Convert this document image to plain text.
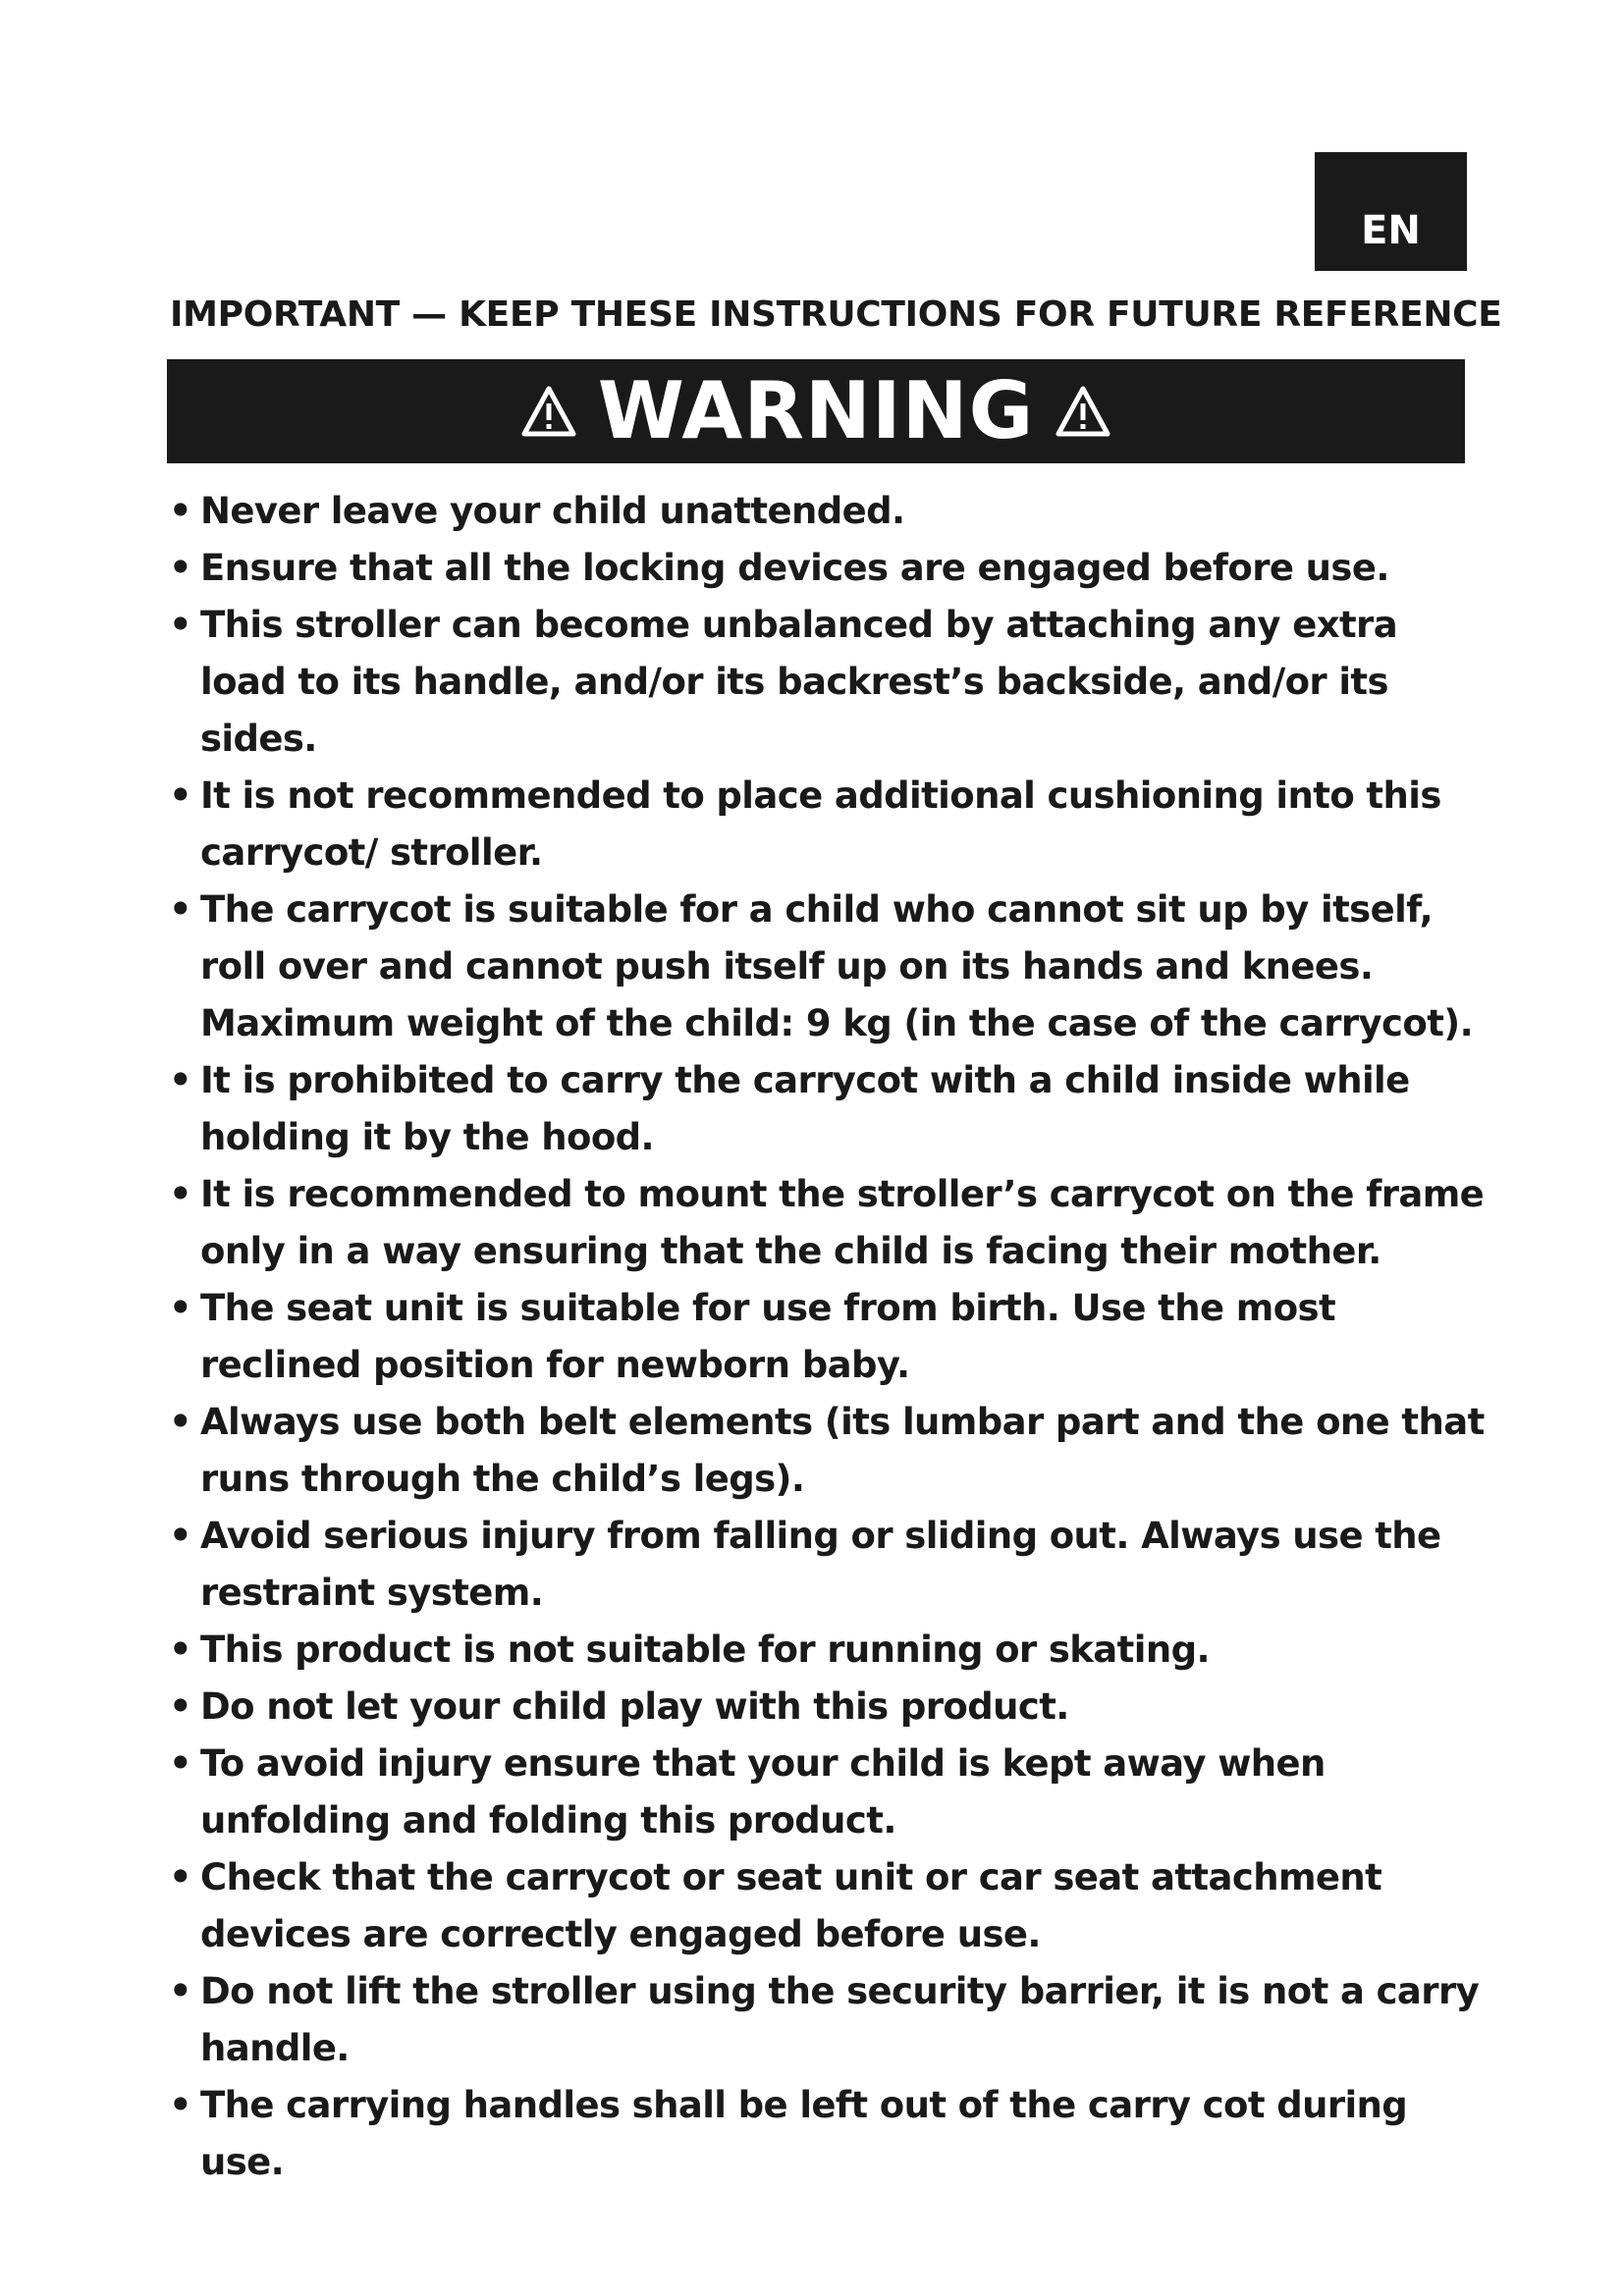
EN
IMPORTANT — KEEP THESE INSTRUCTIONS FOR FUTURE REFERENCE
WARNING
• Never leave your child unattended.
• Ensure that all the locking devices are engaged before use.
• This stroller can become unbalanced by attaching any extra load to its handle, and/or its backrest’s backside, and/or its sides.
• It is not recommended to place additional cushioning into this carrycot/ stroller.
• The carrycot is suitable for a child who cannot sit up by itself, roll over and cannot push itself up on its hands and knees. Maximum weight of the child: 9 kg (in the case of the carrycot).
• It is prohibited to carry the carrycot with a child inside while holding it by the hood.
• It is recommended to mount the stroller’s carrycot on the frame only in a way ensuring that the child is facing their mother.
• The seat unit is suitable for use from birth. Use the most reclined position for newborn baby.
• Always use both belt elements (its lumbar part and the one that runs through the child’s legs).
• Avoid serious injury from falling or sliding out. Always use the restraint system.
• This product is not suitable for running or skating.
• Do not let your child play with this product.
• To avoid injury ensure that your child is kept away when unfolding and folding this product.
• Check that the carrycot or seat unit or car seat attachment devices are correctly engaged before use.
• Do not lift the stroller using the security barrier, it is not a carry handle.
• The carrying handles shall be left out of the carry cot during use.
